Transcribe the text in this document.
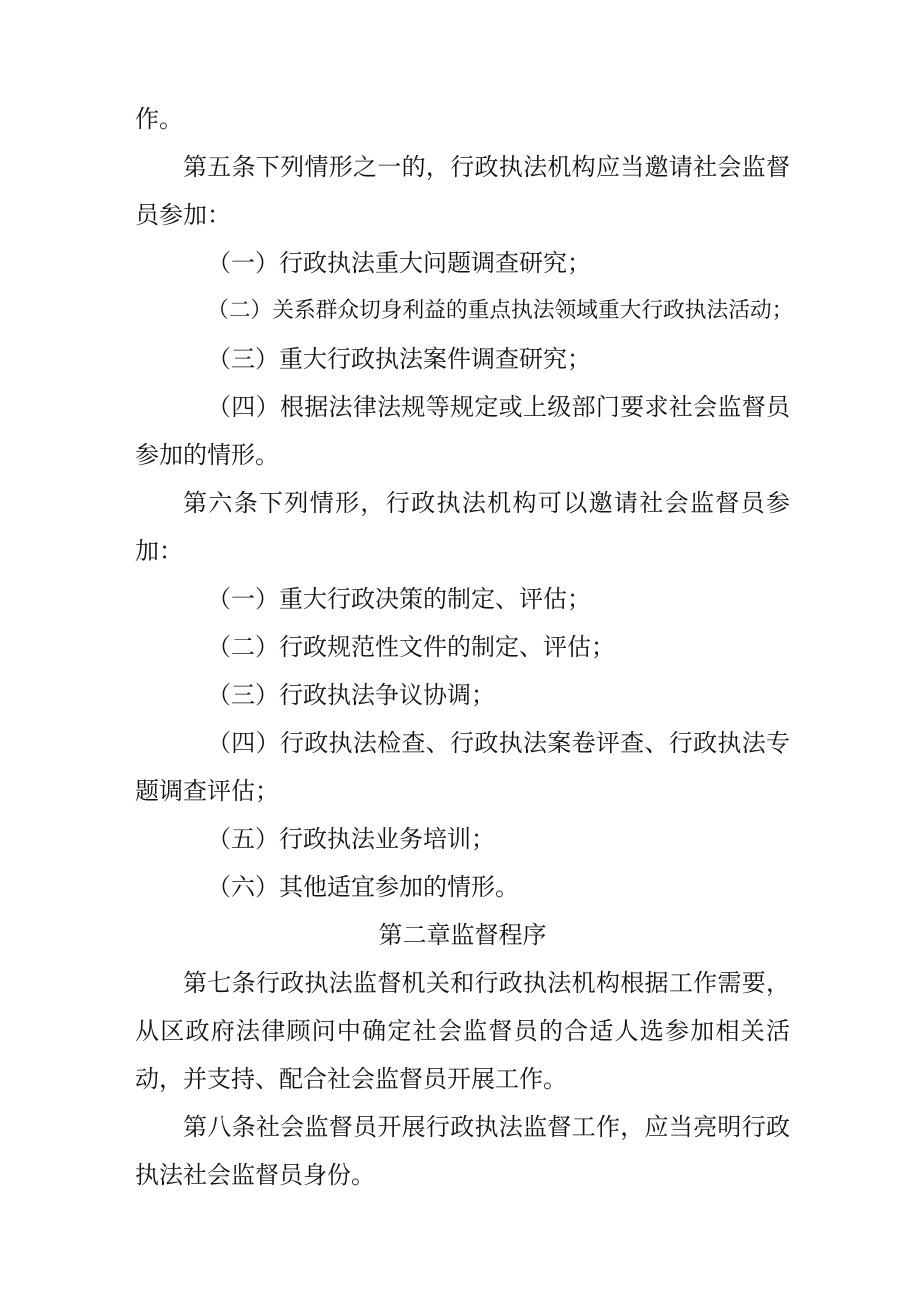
作。

第五条下列情形之一的，行政执法机构应当邀请社会监督员参加：

（一）行政执法重大问题调查研究；

（二）关系群众切身利益的重点执法领域重大行政执法活动；

（三）重大行政执法案件调查研究；

（四）根据法律法规等规定或上级部门要求社会监督员参加的情形。

第六条下列情形，行政执法机构可以邀请社会监督员参加：

（一）重大行政决策的制定、评估；

（二）行政规范性文件的制定、评估；

（三）行政执法争议协调；

（四）行政执法检查、行政执法案卷评查、行政执法专题调查评估；

（五）行政执法业务培训；

（六）其他适宜参加的情形。

第二章监督程序

第七条行政执法监督机关和行政执法机构根据工作需要，从区政府法律顾问中确定社会监督员的合适人选参加相关活动，并支持、配合社会监督员开展工作。

第八条社会监督员开展行政执法监督工作，应当亮明行政执法社会监督员身份。
